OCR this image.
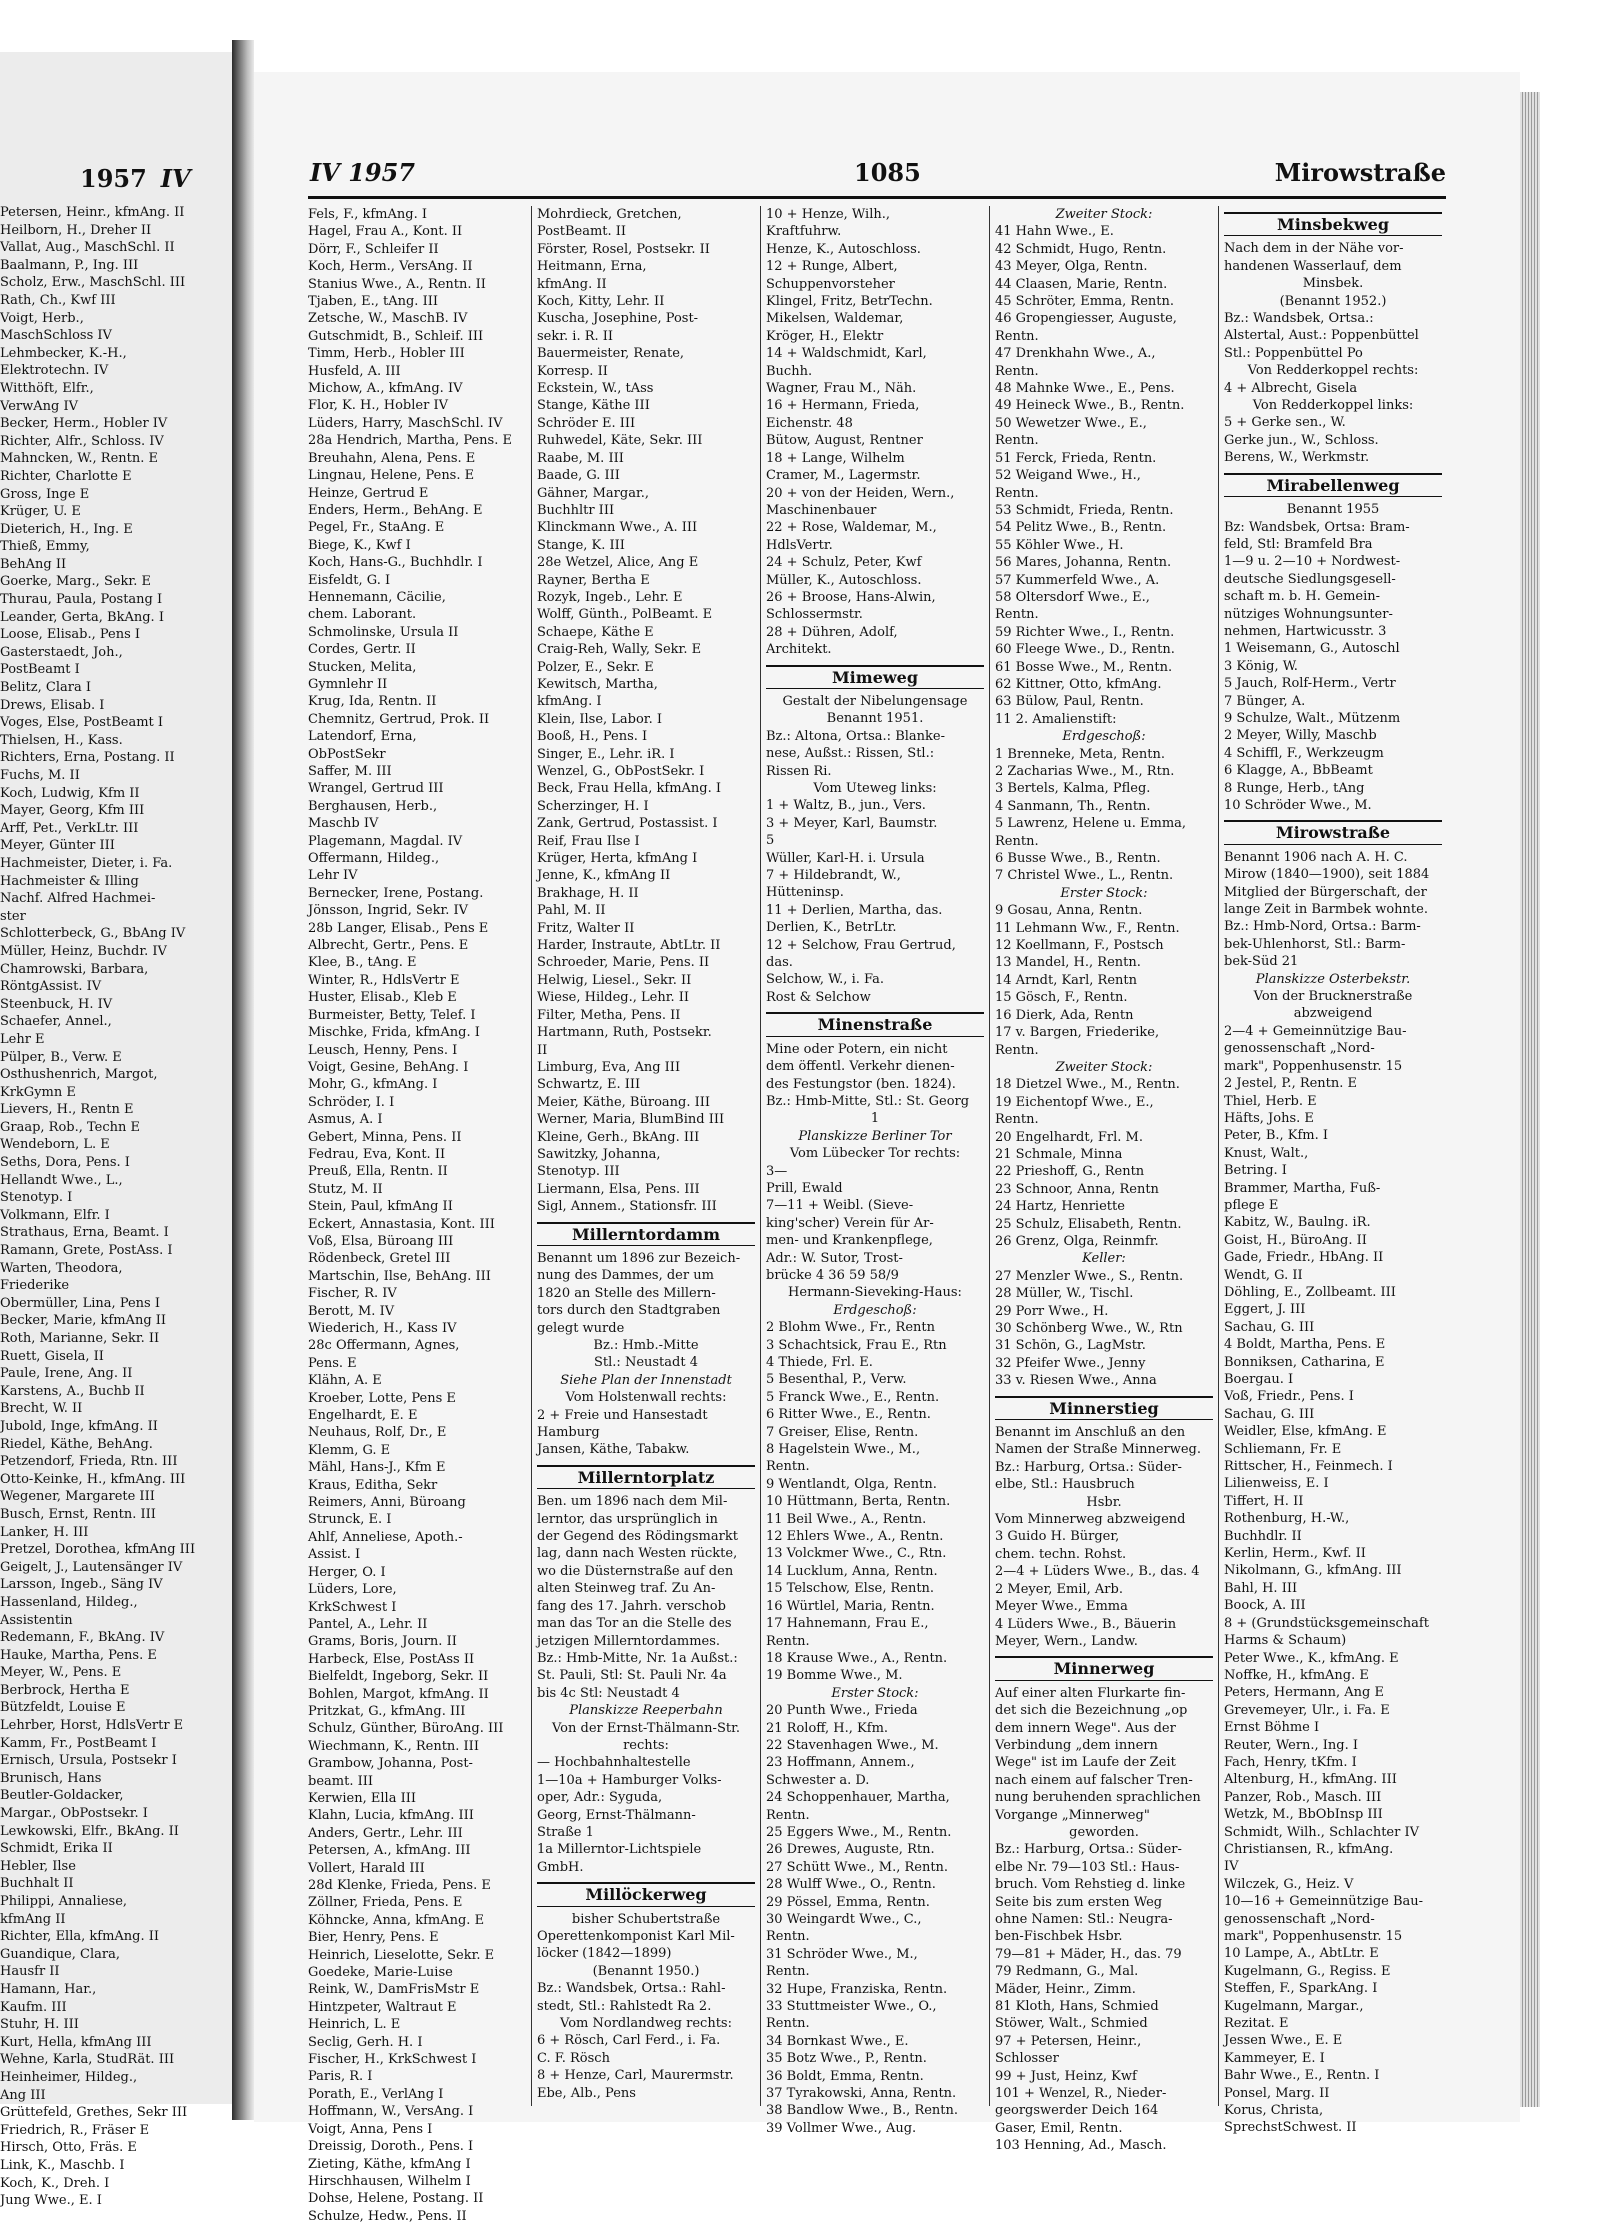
1957 IV
Petersen, Heinr., kfmAng. II
Heilborn, H., Dreher II
Vallat, Aug., MaschSchl. II
Baalmann, P., Ing. III
Scholz, Erw., MaschSchl. III
Rath, Ch., Kwf III
Voigt, Herb.,
MaschSchloss IV
Lehmbecker, K.-H.,
Elektrotechn. IV
Witthöft, Elfr.,
VerwAng IV
Becker, Herm., Hobler IV
Richter, Alfr., Schloss. IV
Mahncken, W., Rentn. E
Richter, Charlotte E
Gross, Inge E
Krüger, U. E
Dieterich, H., Ing. E
Thieß, Emmy,
BehAng II
Goerke, Marg., Sekr. E
Thurau, Paula, Postang I
Leander, Gerta, BkAng. I
Loose, Elisab., Pens I
Gasterstaedt, Joh.,
PostBeamt I
Belitz, Clara I
Drews, Elisab. I
Voges, Else, PostBeamt I
Thielsen, H., Kass.
Richters, Erna, Postang. II
Fuchs, M. II
Koch, Ludwig, Kfm II
Mayer, Georg, Kfm III
Arff, Pet., VerkLtr. III
Meyer, Günter III
Hachmeister, Dieter, i. Fa.
Hachmeister & Illing
Nachf. Alfred Hachmei-
ster
Schlotterbeck, G., BbAng IV
Müller, Heinz, Buchdr. IV
Chamrowski, Barbara,
RöntgAssist. IV
Steenbuck, H. IV
Schaefer, Annel.,
Lehr E
Pülper, B., Verw. E
Osthushenrich, Margot,
KrkGymn E
Lievers, H., Rentn E
Graap, Rob., Techn E
Wendeborn, L. E
Seths, Dora, Pens. I
Hellandt Wwe., L.,
Stenotyp. I
Volkmann, Elfr. I
Strathaus, Erna, Beamt. I
Ramann, Grete, PostAss. I
Warten, Theodora,
Friederike
Obermüller, Lina, Pens I
Becker, Marie, kfmAng II
Roth, Marianne, Sekr. II
Ruett, Gisela, II
Paule, Irene, Ang. II
Karstens, A., Buchb II
Brecht, W. II
Jubold, Inge, kfmAng. II
Riedel, Käthe, BehAng.
Petzendorf, Frieda, Rtn. III
Otto-Keinke, H., kfmAng. III
Wegener, Margarete III
Busch, Ernst, Rentn. III
Lanker, H. III
Pretzel, Dorothea, kfmAng III
Geigelt, J., Lautensänger IV
Larsson, Ingeb., Säng IV
Hassenland, Hildeg.,
Assistentin
Redemann, F., BkAng. IV
Hauke, Martha, Pens. E
Meyer, W., Pens. E
Berbrock, Hertha E
Bützfeldt, Louise E
Lehrber, Horst, HdlsVertr E
Kamm, Fr., PostBeamt I
Ernisch, Ursula, Postsekr I
Brunisch, Hans
Beutler-Goldacker,
Margar., ObPostsekr. I
Lewkowski, Elfr., BkAng. II
Schmidt, Erika II
Hebler, Ilse
Buchhalt II
Philippi, Annaliese,
kfmAng II
Richter, Ella, kfmAng. II
Guandique, Clara,
Hausfr II
Hamann, Har.,
Kaufm. III
Stuhr, H. III
Kurt, Hella, kfmAng III
Wehne, Karla, StudRät. III
Heinheimer, Hildeg.,
Ang III
Grüttefeld, Grethes, Sekr III
Friedrich, R., Fräser E
Hirsch, Otto, Fräs. E
Link, K., Maschb. I
Koch, K., Dreh. I
Jung Wwe., E. I
IV 1957	1085	Mirowstraße
Fels, F., kfmAng. I
Hagel, Frau A., Kont. II
Dörr, F., Schleifer II
Koch, Herm., VersAng. II
Stanius Wwe., A., Rentn. II
Tjaben, E., tAng. III
Zetsche, W., MaschB. IV
Gutschmidt, B., Schleif. III
Timm, Herb., Hobler III
Husfeld, A. III
Michow, A., kfmAng. IV
Flor, K. H., Hobler IV
Lüders, Harry, MaschSchl. IV
28a Hendrich, Martha, Pens. E
Breuhahn, Alena, Pens. E
Lingnau, Helene, Pens. E
Heinze, Gertrud E
Enders, Herm., BehAng. E
Pegel, Fr., StaAng. E
Biege, K., Kwf I
Koch, Hans-G., Buchhdlr. I
Eisfeldt, G. I
Hennemann, Cäcilie,
chem. Laborant.
Schmolinske, Ursula II
Cordes, Gertr. II
Stucken, Melita,
Gymnlehr II
Krug, Ida, Rentn. II
Chemnitz, Gertrud, Prok. II
Latendorf, Erna,
ObPostSekr
Saffer, M. III
Wrangel, Gertrud III
Berghausen, Herb.,
Maschb IV
Plagemann, Magdal. IV
Offermann, Hildeg.,
Lehr IV
Bernecker, Irene, Postang.
Jönsson, Ingrid, Sekr. IV
28b Langer, Elisab., Pens E
Albrecht, Gertr., Pens. E
Klee, B., tAng. E
Winter, R., HdlsVertr E
Huster, Elisab., Kleb E
Burmeister, Betty, Telef. I
Mischke, Frida, kfmAng. I
Leusch, Henny, Pens. I
Voigt, Gesine, BehAng. I
Mohr, G., kfmAng. I
Schröder, I. I
Asmus, A. I
Gebert, Minna, Pens. II
Fedrau, Eva, Kont. II
Preuß, Ella, Rentn. II
Stutz, M. II
Stein, Paul, kfmAng II
Eckert, Annastasia, Kont. III
Voß, Elsa, Büroang III
Rödenbeck, Gretel III
Martschin, Ilse, BehAng. III
Fischer, R. IV
Berott, M. IV
Wiederich, H., Kass IV
28c Offermann, Agnes,
Pens. E
Klähn, A. E
Kroeber, Lotte, Pens E
Engelhardt, E. E
Neuhaus, Rolf, Dr., E
Klemm, G. E
Mähl, Hans-J., Kfm E
Kraus, Editha, Sekr
Reimers, Anni, Büroang
Strunck, E. I
Ahlf, Anneliese, Apoth.-
Assist. I
Herger, O. I
Lüders, Lore,
KrkSchwest I
Pantel, A., Lehr. II
Grams, Boris, Journ. II
Harbeck, Else, PostAss II
Bielfeldt, Ingeborg, Sekr. II
Bohlen, Margot, kfmAng. II
Pritzkat, G., kfmAng. III
Schulz, Günther, BüroAng. III
Wiechmann, K., Rentn. III
Grambow, Johanna, Post-
beamt. III
Kerwien, Ella III
Klahn, Lucia, kfmAng. III
Anders, Gertr., Lehr. III
Petersen, A., kfmAng. III
Vollert, Harald III
28d Klenke, Frieda, Pens. E
Zöllner, Frieda, Pens. E
Köhncke, Anna, kfmAng. E
Bier, Henry, Pens. E
Heinrich, Lieselotte, Sekr. E
Goedeke, Marie-Luise
Reink, W., DamFrisMstr E
Hintzpeter, Waltraut E
Heinrich, L. E
Seclig, Gerh. H. I
Fischer, H., KrkSchwest I
Paris, R. I
Porath, E., VerlAng I
Hoffmann, W., VersAng. I
Voigt, Anna, Pens I
Dreissig, Doroth., Pens. I
Zieting, Käthe, kfmAng I
Hirschhausen, Wilhelm I
Dohse, Helene, Postang. II
Schulze, Hedw., Pens. II
Mohrdieck, Gretchen,
PostBeamt. II
Förster, Rosel, Postsekr. II
Heitmann, Erna,
kfmAng. II
Koch, Kitty, Lehr. II
Kuscha, Josephine, Post-
sekr. i. R. II
Bauermeister, Renate,
Korresp. II
Eckstein, W., tAss
Stange, Käthe III
Schröder E. III
Ruhwedel, Käte, Sekr. III
Raabe, M. III
Baade, G. III
Gähner, Margar.,
Buchhltr III
Klinckmann Wwe., A. III
Stange, K. III
28e Wetzel, Alice, Ang E
Rayner, Bertha E
Rozyk, Ingeb., Lehr. E
Wolff, Günth., PolBeamt. E
Schaepe, Käthe E
Craig-Reh, Wally, Sekr. E
Polzer, E., Sekr. E
Kewitsch, Martha,
kfmAng. I
Klein, Ilse, Labor. I
Booß, H., Pens. I
Singer, E., Lehr. iR. I
Wenzel, G., ObPostSekr. I
Beck, Frau Hella, kfmAng. I
Scherzinger, H. I
Zank, Gertrud, Postassist. I
Reif, Frau Ilse I
Krüger, Herta, kfmAng I
Jenne, K., kfmAng II
Brakhage, H. II
Pahl, M. II
Fritz, Walter II
Harder, Instraute, AbtLtr. II
Schroeder, Marie, Pens. II
Helwig, Liesel., Sekr. II
Wiese, Hildeg., Lehr. II
Filter, Metha, Pens. II
Hartmann, Ruth, Postsekr.
II
Limburg, Eva, Ang III
Schwartz, E. III
Meier, Käthe, Büroang. III
Werner, Maria, BlumBind III
Kleine, Gerh., BkAng. III
Sawitzky, Johanna,
Stenotyp. III
Liermann, Elsa, Pens. III
Sigl, Annem., Stationsfr. III
Millerntordamm
Benannt um 1896 zur Bezeich-
nung des Dammes, der um
1820 an Stelle des Millern-
tors durch den Stadtgraben
gelegt wurde
Bz.: Hmb.-Mitte
Stl.: Neustadt 4
Siehe Plan der Innenstadt
Vom Holstenwall rechts:
2 + Freie und Hansestadt
Hamburg
Jansen, Käthe, Tabakw.
Millerntorplatz
Ben. um 1896 nach dem Mil-
lerntor, das ursprünglich in
der Gegend des Rödingsmarkt
lag, dann nach Westen rückte,
wo die Düsternstraße auf den
alten Steinweg traf. Zu An-
fang des 17. Jahrh. verschob
man das Tor an die Stelle des
jetzigen Millerntordammes.
Bz.: Hmb-Mitte, Nr. 1a Außst.:
St. Pauli, Stl: St. Pauli Nr. 4a
bis 4c Stl: Neustadt 4
Planskizze Reeperbahn
Von der Ernst-Thälmann-Str.
rechts:
— Hochbahnhaltestelle
1—10a + Hamburger Volks-
oper, Adr.: Syguda,
Georg, Ernst-Thälmann-
Straße 1
1a Millerntor-Lichtspiele
GmbH.
Millöckerweg
bisher Schubertstraße
Operettenkomponist Karl Mil-
löcker (1842—1899)
(Benannt 1950.)
Bz.: Wandsbek, Ortsa.: Rahl-
stedt, Stl.: Rahlstedt Ra 2.
Vom Nordlandweg rechts:
6 + Rösch, Carl Ferd., i. Fa.
C. F. Rösch
8 + Henze, Carl, Maurermstr.
Ebe, Alb., Pens
10 + Henze, Wilh.,
Kraftfuhrw.
Henze, K., Autoschloss.
12 + Runge, Albert,
Schuppenvorsteher
Klingel, Fritz, BetrTechn.
Mikelsen, Waldemar,
Kröger, H., Elektr
14 + Waldschmidt, Karl,
Buchh.
Wagner, Frau M., Näh.
16 + Hermann, Frieda,
Eichenstr. 48
Bütow, August, Rentner
18 + Lange, Wilhelm
Cramer, M., Lagermstr.
20 + von der Heiden, Wern.,
Maschinenbauer
22 + Rose, Waldemar, M.,
HdlsVertr.
24 + Schulz, Peter, Kwf
Müller, K., Autoschloss.
26 + Broose, Hans-Alwin,
Schlossermstr.
28 + Dühren, Adolf,
Architekt.
Mimeweg
Gestalt der Nibelungensage
Benannt 1951.
Bz.: Altona, Ortsa.: Blanke-
nese, Außst.: Rissen, Stl.:
Rissen Ri.
Vom Uteweg links:
1 + Waltz, B., jun., Vers.
3 + Meyer, Karl, Baumstr.
5
Wüller, Karl-H. i. Ursula
7 + Hildebrandt, W.,
Hütteninsp.
11 + Derlien, Martha, das.
Derlien, K., BetrLtr.
12 + Selchow, Frau Gertrud,
das.
Selchow, W., i. Fa.
Rost & Selchow
Minenstraße
Mine oder Potern, ein nicht
dem öffentl. Verkehr dienen-
des Festungstor (ben. 1824).
Bz.: Hmb-Mitte, Stl.: St. Georg
1
Planskizze Berliner Tor
Vom Lübecker Tor rechts:
3—
Prill, Ewald
7—11 + Weibl. (Sieve-
king'scher) Verein für Ar-
men- und Krankenpflege,
Adr.: W. Sutor, Trost-
brücke 4 36 59 58/9
Hermann-Sieveking-Haus:
Erdgeschoß:
2 Blohm Wwe., Fr., Rentn
3 Schachtsick, Frau E., Rtn
4 Thiede, Frl. E.
5 Besenthal, P., Verw.
5 Franck Wwe., E., Rentn.
6 Ritter Wwe., E., Rentn.
7 Greiser, Elise, Rentn.
8 Hagelstein Wwe., M.,
Rentn.
9 Wentlandt, Olga, Rentn.
10 Hüttmann, Berta, Rentn.
11 Beil Wwe., A., Rentn.
12 Ehlers Wwe., A., Rentn.
13 Volckmer Wwe., C., Rtn.
14 Lucklum, Anna, Rentn.
15 Telschow, Else, Rentn.
16 Würtlel, Maria, Rentn.
17 Hahnemann, Frau E.,
Rentn.
18 Krause Wwe., A., Rentn.
19 Bomme Wwe., M.
Erster Stock:
20 Punth Wwe., Frieda
21 Roloff, H., Kfm.
22 Stavenhagen Wwe., M.
23 Hoffmann, Annem.,
Schwester a. D.
24 Schoppenhauer, Martha,
Rentn.
25 Eggers Wwe., M., Rentn.
26 Drewes, Auguste, Rtn.
27 Schütt Wwe., M., Rentn.
28 Wulff Wwe., O., Rentn.
29 Pössel, Emma, Rentn.
30 Weingardt Wwe., C.,
Rentn.
31 Schröder Wwe., M.,
Rentn.
32 Hupe, Franziska, Rentn.
33 Stuttmeister Wwe., O.,
Rentn.
34 Bornkast Wwe., E.
35 Botz Wwe., P., Rentn.
36 Boldt, Emma, Rentn.
37 Tyrakowski, Anna, Rentn.
38 Bandlow Wwe., B., Rentn.
39 Vollmer Wwe., Aug.
Zweiter Stock:
41 Hahn Wwe., E.
42 Schmidt, Hugo, Rentn.
43 Meyer, Olga, Rentn.
44 Claasen, Marie, Rentn.
45 Schröter, Emma, Rentn.
46 Gropengiesser, Auguste,
Rentn.
47 Drenkhahn Wwe., A.,
Rentn.
48 Mahnke Wwe., E., Pens.
49 Heineck Wwe., B., Rentn.
50 Wewetzer Wwe., E.,
Rentn.
51 Ferck, Frieda, Rentn.
52 Weigand Wwe., H.,
Rentn.
53 Schmidt, Frieda, Rentn.
54 Pelitz Wwe., B., Rentn.
55 Köhler Wwe., H.
56 Mares, Johanna, Rentn.
57 Kummerfeld Wwe., A.
58 Oltersdorf Wwe., E.,
Rentn.
59 Richter Wwe., I., Rentn.
60 Fleege Wwe., D., Rentn.
61 Bosse Wwe., M., Rentn.
62 Kittner, Otto, kfmAng.
63 Bülow, Paul, Rentn.
11 2. Amalienstift:
Erdgeschoß:
1 Brenneke, Meta, Rentn.
2 Zacharias Wwe., M., Rtn.
3 Bertels, Kalma, Pfleg.
4 Sanmann, Th., Rentn.
5 Lawrenz, Helene u. Emma,
Rentn.
6 Busse Wwe., B., Rentn.
7 Christel Wwe., L., Rentn.
Erster Stock:
9 Gosau, Anna, Rentn.
11 Lehmann Ww., F., Rentn.
12 Koellmann, F., Postsch
13 Mandel, H., Rentn.
14 Arndt, Karl, Rentn
15 Gösch, F., Rentn.
16 Dierk, Ada, Rentn
17 v. Bargen, Friederike,
Rentn.
Zweiter Stock:
18 Dietzel Wwe., M., Rentn.
19 Eichentopf Wwe., E.,
Rentn.
20 Engelhardt, Frl. M.
21 Schmale, Minna
22 Prieshoff, G., Rentn
23 Schnoor, Anna, Rentn
24 Hartz, Henriette
25 Schulz, Elisabeth, Rentn.
26 Grenz, Olga, Reinmfr.
Keller:
27 Menzler Wwe., S., Rentn.
28 Müller, W., Tischl.
29 Porr Wwe., H.
30 Schönberg Wwe., W., Rtn
31 Schön, G., LagMstr.
32 Pfeifer Wwe., Jenny
33 v. Riesen Wwe., Anna
Minnerstieg
Benannt im Anschluß an den
Namen der Straße Minnerweg.
Bz.: Harburg, Ortsa.: Süder-
elbe, Stl.: Hausbruch
Hsbr.
Vom Minnerweg abzweigend
3 Guido H. Bürger,
chem. techn. Rohst.
2—4 + Lüders Wwe., B., das. 4
2 Meyer, Emil, Arb.
Meyer Wwe., Emma
4 Lüders Wwe., B., Bäuerin
Meyer, Wern., Landw.
Minnerweg
Auf einer alten Flurkarte fin-
det sich die Bezeichnung „op
dem innern Wege". Aus der
Verbindung „dem innern
Wege" ist im Laufe der Zeit
nach einem auf falscher Tren-
nung beruhenden sprachlichen
Vorgange „Minnerweg"
geworden.
Bz.: Harburg, Ortsa.: Süder-
elbe Nr. 79—103 Stl.: Haus-
bruch. Vom Rehstieg d. linke
Seite bis zum ersten Weg
ohne Namen: Stl.: Neugra-
ben-Fischbek Hsbr.
79—81 + Mäder, H., das. 79
79 Redmann, G., Mal.
Mäder, Heinr., Zimm.
81 Kloth, Hans, Schmied
Stöwer, Walt., Schmied
97 + Petersen, Heinr.,
Schlosser
99 + Just, Heinz, Kwf
101 + Wenzel, R., Nieder-
georgswerder Deich 164
Gaser, Emil, Rentn.
103 Henning, Ad., Masch.
Minsbekweg
Nach dem in der Nähe vor-
handenen Wasserlauf, dem
Minsbek.
(Benannt 1952.)
Bz.: Wandsbek, Ortsa.:
Alstertal, Aust.: Poppenbüttel
Stl.: Poppenbüttel Po
Von Redderkoppel rechts:
4 + Albrecht, Gisela
Von Redderkoppel links:
5 + Gerke sen., W.
Gerke jun., W., Schloss.
Berens, W., Werkmstr.
Mirabellenweg
Benannt 1955
Bz: Wandsbek, Ortsa: Bram-
feld, Stl: Bramfeld Bra
1—9 u. 2—10 + Nordwest-
deutsche Siedlungsgesell-
schaft m. b. H. Gemein-
nütziges Wohnungsunter-
nehmen, Hartwicusstr. 3
1 Weisemann, G., Autoschl
3 König, W.
5 Jauch, Rolf-Herm., Vertr
7 Bünger, A.
9 Schulze, Walt., Mützenm
2 Meyer, Willy, Maschb
4 Schiffl, F., Werkzeugm
6 Klagge, A., BbBeamt
8 Runge, Herb., tAng
10 Schröder Wwe., M.
Mirowstraße
Benannt 1906 nach A. H. C.
Mirow (1840—1900), seit 1884
Mitglied der Bürgerschaft, der
lange Zeit in Barmbek wohnte.
Bz.: Hmb-Nord, Ortsa.: Barm-
bek-Uhlenhorst, Stl.: Barm-
bek-Süd 21
Planskizze Osterbekstr.
Von der Brucknerstraße
abzweigend
2—4 + Gemeinnützige Bau-
genossenschaft „Nord-
mark", Poppenhusenstr. 15
2 Jestel, P., Rentn. E
Thiel, Herb. E
Häfts, Johs. E
Peter, B., Kfm. I
Knust, Walt.,
Betring. I
Brammer, Martha, Fuß-
pflege E
Kabitz, W., Baulng. iR.
Goist, H., BüroAng. II
Gade, Friedr., HbAng. II
Wendt, G. II
Döhling, E., Zollbeamt. III
Eggert, J. III
Sachau, G. III
4 Boldt, Martha, Pens. E
Bonniksen, Catharina, E
Boergau. I
Voß, Friedr., Pens. I
Sachau, G. III
Weidler, Else, kfmAng. E
Schliemann, Fr. E
Rittscher, H., Feinmech. I
Lilienweiss, E. I
Tiffert, H. II
Rothenburg, H.-W.,
Buchhdlr. II
Kerlin, Herm., Kwf. II
Nikolmann, G., kfmAng. III
Bahl, H. III
Boock, A. III
8 + (Grundstücksgemeinschaft
Harms & Schaum)
Peter Wwe., K., kfmAng. E
Noffke, H., kfmAng. E
Peters, Hermann, Ang E
Grevemeyer, Ulr., i. Fa. E
Ernst Böhme I
Reuter, Wern., Ing. I
Fach, Henry, tKfm. I
Altenburg, H., kfmAng. III
Panzer, Rob., Masch. III
Wetzk, M., BbObInsp III
Schmidt, Wilh., Schlachter IV
Christiansen, R., kfmAng.
IV
Wilczek, G., Heiz. V
10—16 + Gemeinnützige Bau-
genossenschaft „Nord-
mark", Poppenhusenstr. 15
10 Lampe, A., AbtLtr. E
Kugelmann, G., Regiss. E
Steffen, F., SparkAng. I
Kugelmann, Margar.,
Rezitat. E
Jessen Wwe., E. E
Kammeyer, E. I
Bahr Wwe., E., Rentn. I
Ponsel, Marg. II
Korus, Christa,
SprechstSchwest. II
